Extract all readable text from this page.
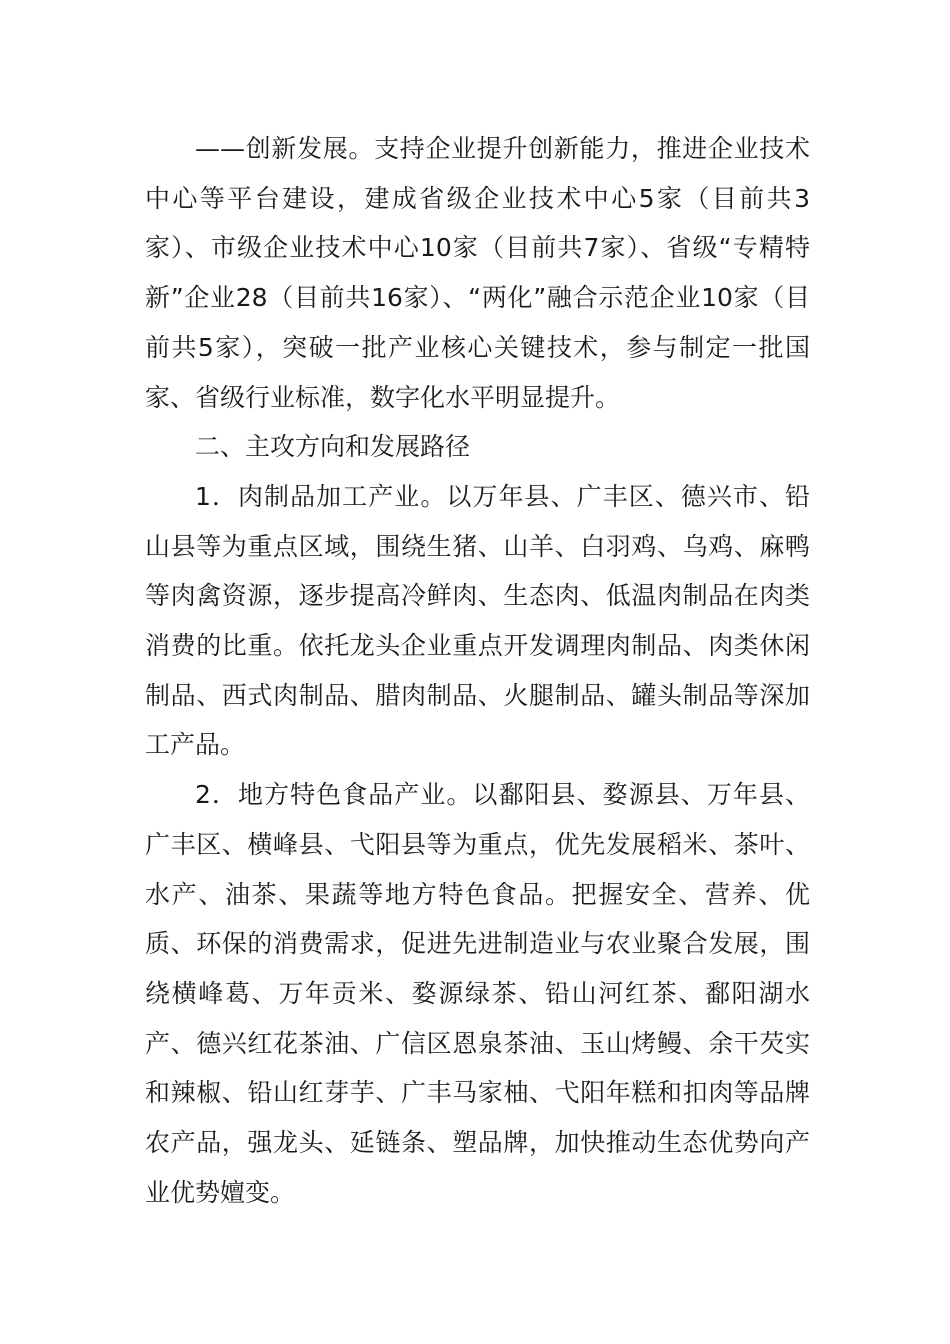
——创新发展。支持企业提升创新能力，推进企业技术中心等平台建设，建成省级企业技术中心5家（目前共3家）、市级企业技术中心10家（目前共7家）、省级“专精特新”企业28（目前共16家）、“两化”融合示范企业10家（目前共5家），突破一批产业核心关键技术，参与制定一批国家、省级行业标准，数字化水平明显提升。

二、主攻方向和发展路径

1．肉制品加工产业。以万年县、广丰区、德兴市、铅山县等为重点区域，围绕生猪、山羊、白羽鸡、乌鸡、麻鸭等肉禽资源，逐步提高冷鲜肉、生态肉、低温肉制品在肉类消费的比重。依托龙头企业重点开发调理肉制品、肉类休闲制品、西式肉制品、腊肉制品、火腿制品、罐头制品等深加工产品。

2．地方特色食品产业。以鄱阳县、婺源县、万年县、广丰区、横峰县、弋阳县等为重点，优先发展稻米、茶叶、水产、油茶、果蔬等地方特色食品。把握安全、营养、优质、环保的消费需求，促进先进制造业与农业聚合发展，围绕横峰葛、万年贡米、婺源绿茶、铅山河红茶、鄱阳湖水产、德兴红花茶油、广信区恩泉茶油、玉山烤鳗、余干芡实和辣椒、铅山红芽芋、广丰马家柚、弋阳年糕和扣肉等品牌农产品，强龙头、延链条、塑品牌，加快推动生态优势向产业优势嬗变。
